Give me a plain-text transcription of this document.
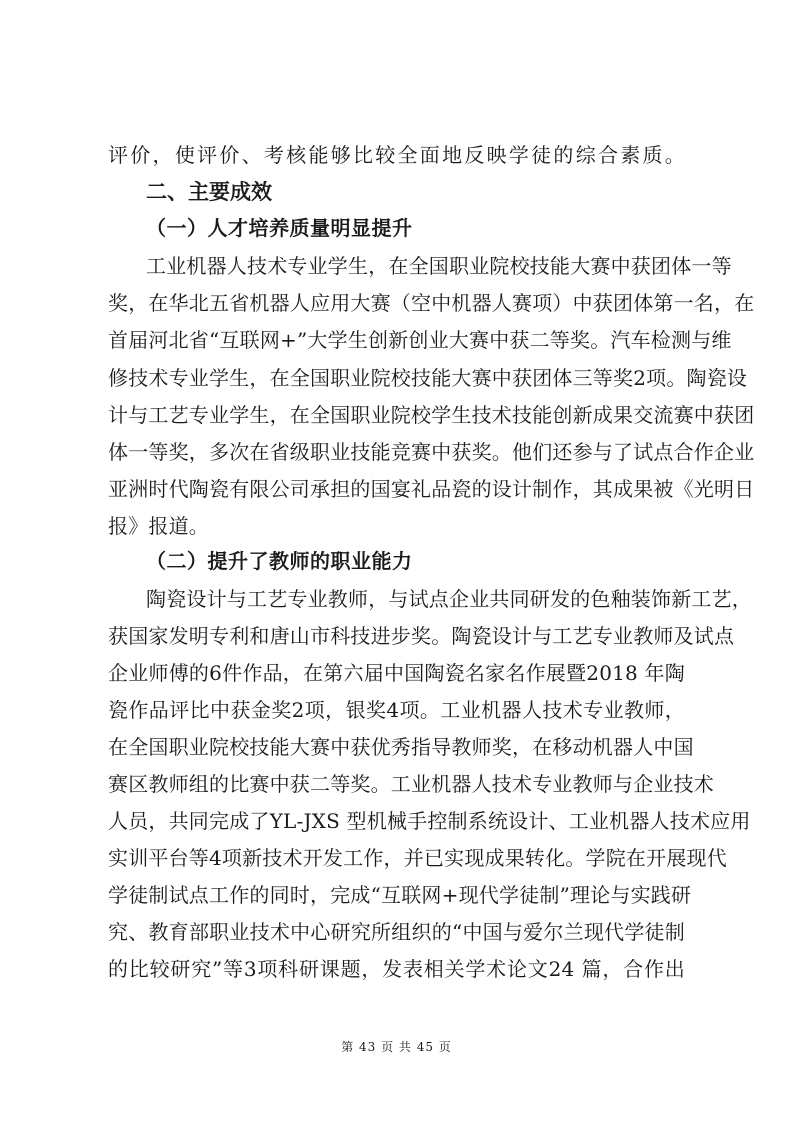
评价，使评价、考核能够比较全面地反映学徒的综合素质。
二、主要成效
（一）人才培养质量明显提升
工业机器人技术专业学生，在全国职业院校技能大赛中获团体一等
奖，在华北五省机器人应用大赛（空中机器人赛项）中获团体第一名，在
首届河北省“互联网+”大学生创新创业大赛中获二等奖。汽车检测与维
修技术专业学生，在全国职业院校技能大赛中获团体三等奖2项。陶瓷设
计与工艺专业学生，在全国职业院校学生技术技能创新成果交流赛中获团
体一等奖，多次在省级职业技能竞赛中获奖。他们还参与了试点合作企业
亚洲时代陶瓷有限公司承担的国宴礼品瓷的设计制作，其成果被《光明日
报》报道。
（二）提升了教师的职业能力
陶瓷设计与工艺专业教师，与试点企业共同研发的色釉装饰新工艺，
获国家发明专利和唐山市科技进步奖。陶瓷设计与工艺专业教师及试点
企业师傅的6件作品，在第六届中国陶瓷名家名作展暨2018 年陶
瓷作品评比中获金奖2项，银奖4项。工业机器人技术专业教师，
在全国职业院校技能大赛中获优秀指导教师奖，在移动机器人中国
赛区教师组的比赛中获二等奖。工业机器人技术专业教师与企业技术
人员，共同完成了YL-JXS 型机械手控制系统设计、工业机器人技术应用
实训平台等4项新技术开发工作，并已实现成果转化。学院在开展现代
学徒制试点工作的同时，完成“互联网+现代学徒制”理论与实践研
究、教育部职业技术中心研究所组织的“中国与爱尔兰现代学徒制
的比较研究”等3项科研课题，发表相关学术论文24 篇，合作出
第 43 页 共 45 页
